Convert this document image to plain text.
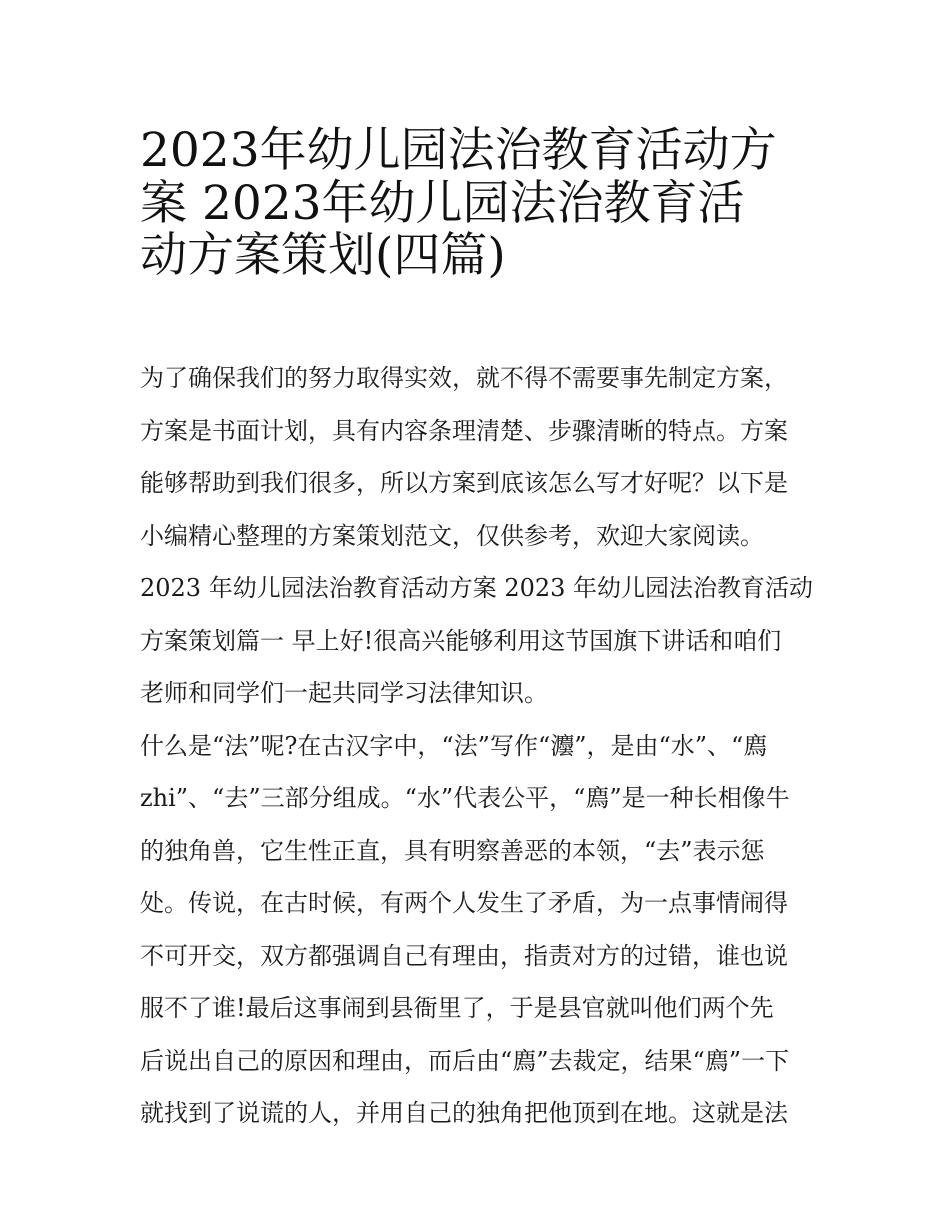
2023年幼儿园法治教育活动方
案 2023年幼儿园法治教育活
动方案策划(四篇)
为了确保我们的努力取得实效，就不得不需要事先制定方案，
方案是书面计划，具有内容条理清楚、步骤清晰的特点。方案
能够帮助到我们很多，所以方案到底该怎么写才好呢？以下是
小编精心整理的方案策划范文，仅供参考，欢迎大家阅读。
2023 年幼儿园法治教育活动方案 2023 年幼儿园法治教育活动
方案策划篇一 早上好!很高兴能够利用这节国旗下讲话和咱们
老师和同学们一起共同学习法律知识。
什么是“法”呢?在古汉字中，“法”写作“灋”，是由“水”、“廌
zhi”、“去”三部分组成。“水”代表公平，“廌”是一种长相像牛
的独角兽，它生性正直，具有明察善恶的本领，“去”表示惩
处。传说，在古时候，有两个人发生了矛盾，为一点事情闹得
不可开交，双方都强调自己有理由，指责对方的过错，谁也说
服不了谁!最后这事闹到县衙里了，于是县官就叫他们两个先
后说出自己的原因和理由，而后由“廌”去裁定，结果“廌”一下
就找到了说谎的人，并用自己的独角把他顶到在地。这就是法
